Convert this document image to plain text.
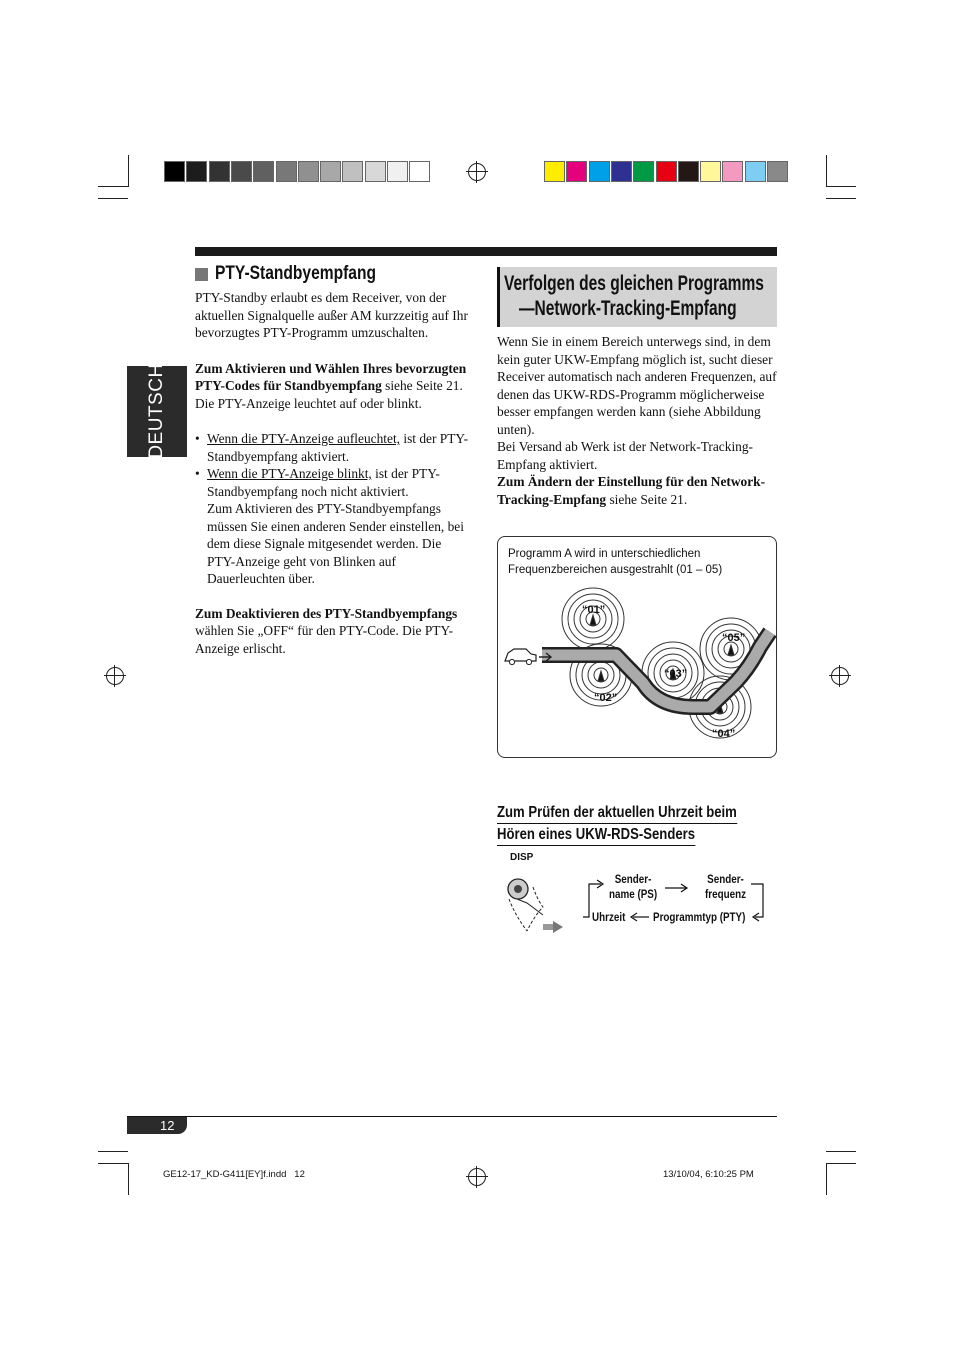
DEUTSCH
PTY-Standbyempfang

PTY-Standby erlaubt es dem Receiver, von der aktuellen Signalquelle außer AM kurzzeitig auf Ihr bevorzugtes PTY-Programm umzuschalten.

Zum Aktivieren und Wählen Ihres bevorzugten PTY-Codes für Standbyempfang siehe Seite 21.
Die PTY-Anzeige leuchtet auf oder blinkt.

• Wenn die PTY-Anzeige aufleuchtet, ist der PTY-Standbyempfang aktiviert.
• Wenn die PTY-Anzeige blinkt, ist der PTY-Standbyempfang noch nicht aktiviert.
Zum Aktivieren des PTY-Standbyempfangs müssen Sie einen anderen Sender einstellen, bei dem diese Signale mitgesendet werden. Die PTY-Anzeige geht von Blinken auf Dauerleuchten über.

Zum Deaktivieren des PTY-Standbyempfangs wählen Sie „OFF“ für den PTY-Code. Die PTY-Anzeige erlischt.

Verfolgen des gleichen Programms
—Network-Tracking-Empfang

Wenn Sie in einem Bereich unterwegs sind, in dem kein guter UKW-Empfang möglich ist, sucht dieser Receiver automatisch nach anderen Frequenzen, auf denen das UKW-RDS-Programm möglicherweise besser empfangen werden kann (siehe Abbildung unten).

Bei Versand ab Werk ist der Network-Tracking-Empfang aktiviert.

Zum Ändern der Einstellung für den Network-Tracking-Empfang siehe Seite 21.

Programm A wird in unterschiedlichen
Frequenzbereichen ausgestrahlt (01 – 05)
“01”
“02”
“03”
“04”
“05”
Zum Prüfen der aktuellen Uhrzeit beim
Hören eines UKW-RDS-Senders
DISP
Sender-
name (PS)
Sender-
frequenz
Uhrzeit Programmtyp (PTY)
12
GE12-17_KD-G411[EY]f.indd   12	13/10/04, 6:10:25 PM
